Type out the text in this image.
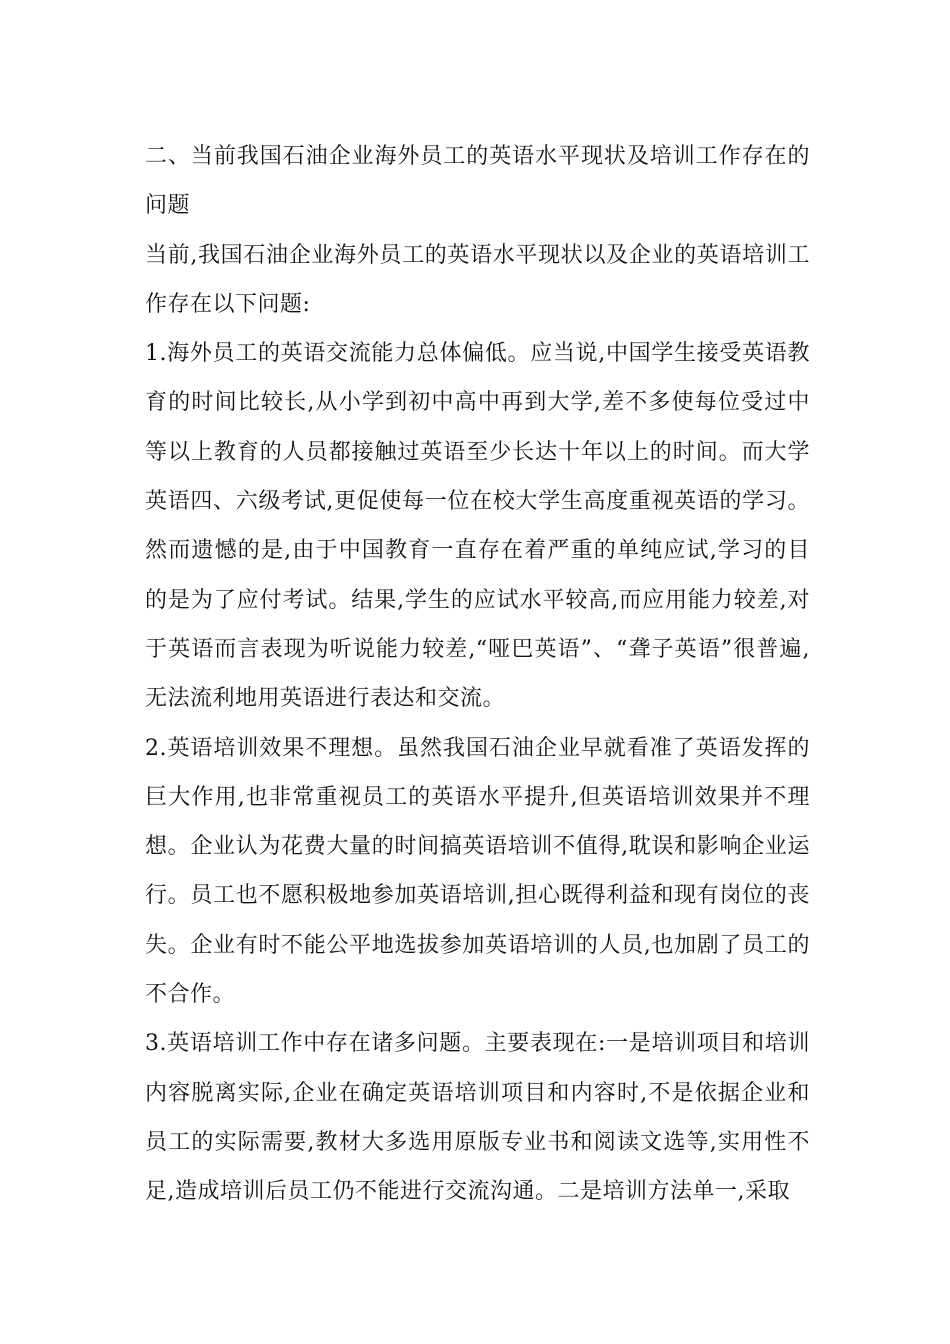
二、当前我国石油企业海外员工的英语水平现状及培训工作存在的问题

当前,我国石油企业海外员工的英语水平现状以及企业的英语培训工作存在以下问题:

1.海外员工的英语交流能力总体偏低。应当说,中国学生接受英语教育的时间比较长,从小学到初中高中再到大学,差不多使每位受过中等以上教育的人员都接触过英语至少长达十年以上的时间。而大学英语四、六级考试,更促使每一位在校大学生高度重视英语的学习。然而遗憾的是,由于中国教育一直存在着严重的单纯应试,学习的目的是为了应付考试。结果,学生的应试水平较高,而应用能力较差,对于英语而言表现为听说能力较差,“哑巴英语”、“聋子英语”很普遍,无法流利地用英语进行表达和交流。

2.英语培训效果不理想。虽然我国石油企业早就看准了英语发挥的巨大作用,也非常重视员工的英语水平提升,但英语培训效果并不理想。企业认为花费大量的时间搞英语培训不值得,耽误和影响企业运行。员工也不愿积极地参加英语培训,担心既得利益和现有岗位的丧失。企业有时不能公平地选拔参加英语培训的人员,也加剧了员工的不合作。

3.英语培训工作中存在诸多问题。主要表现在:一是培训项目和培训内容脱离实际,企业在确定英语培训项目和内容时,不是依据企业和员工的实际需要,教材大多选用原版专业书和阅读文选等,实用性不足,造成培训后员工仍不能进行交流沟通。二是培训方法单一,采取
